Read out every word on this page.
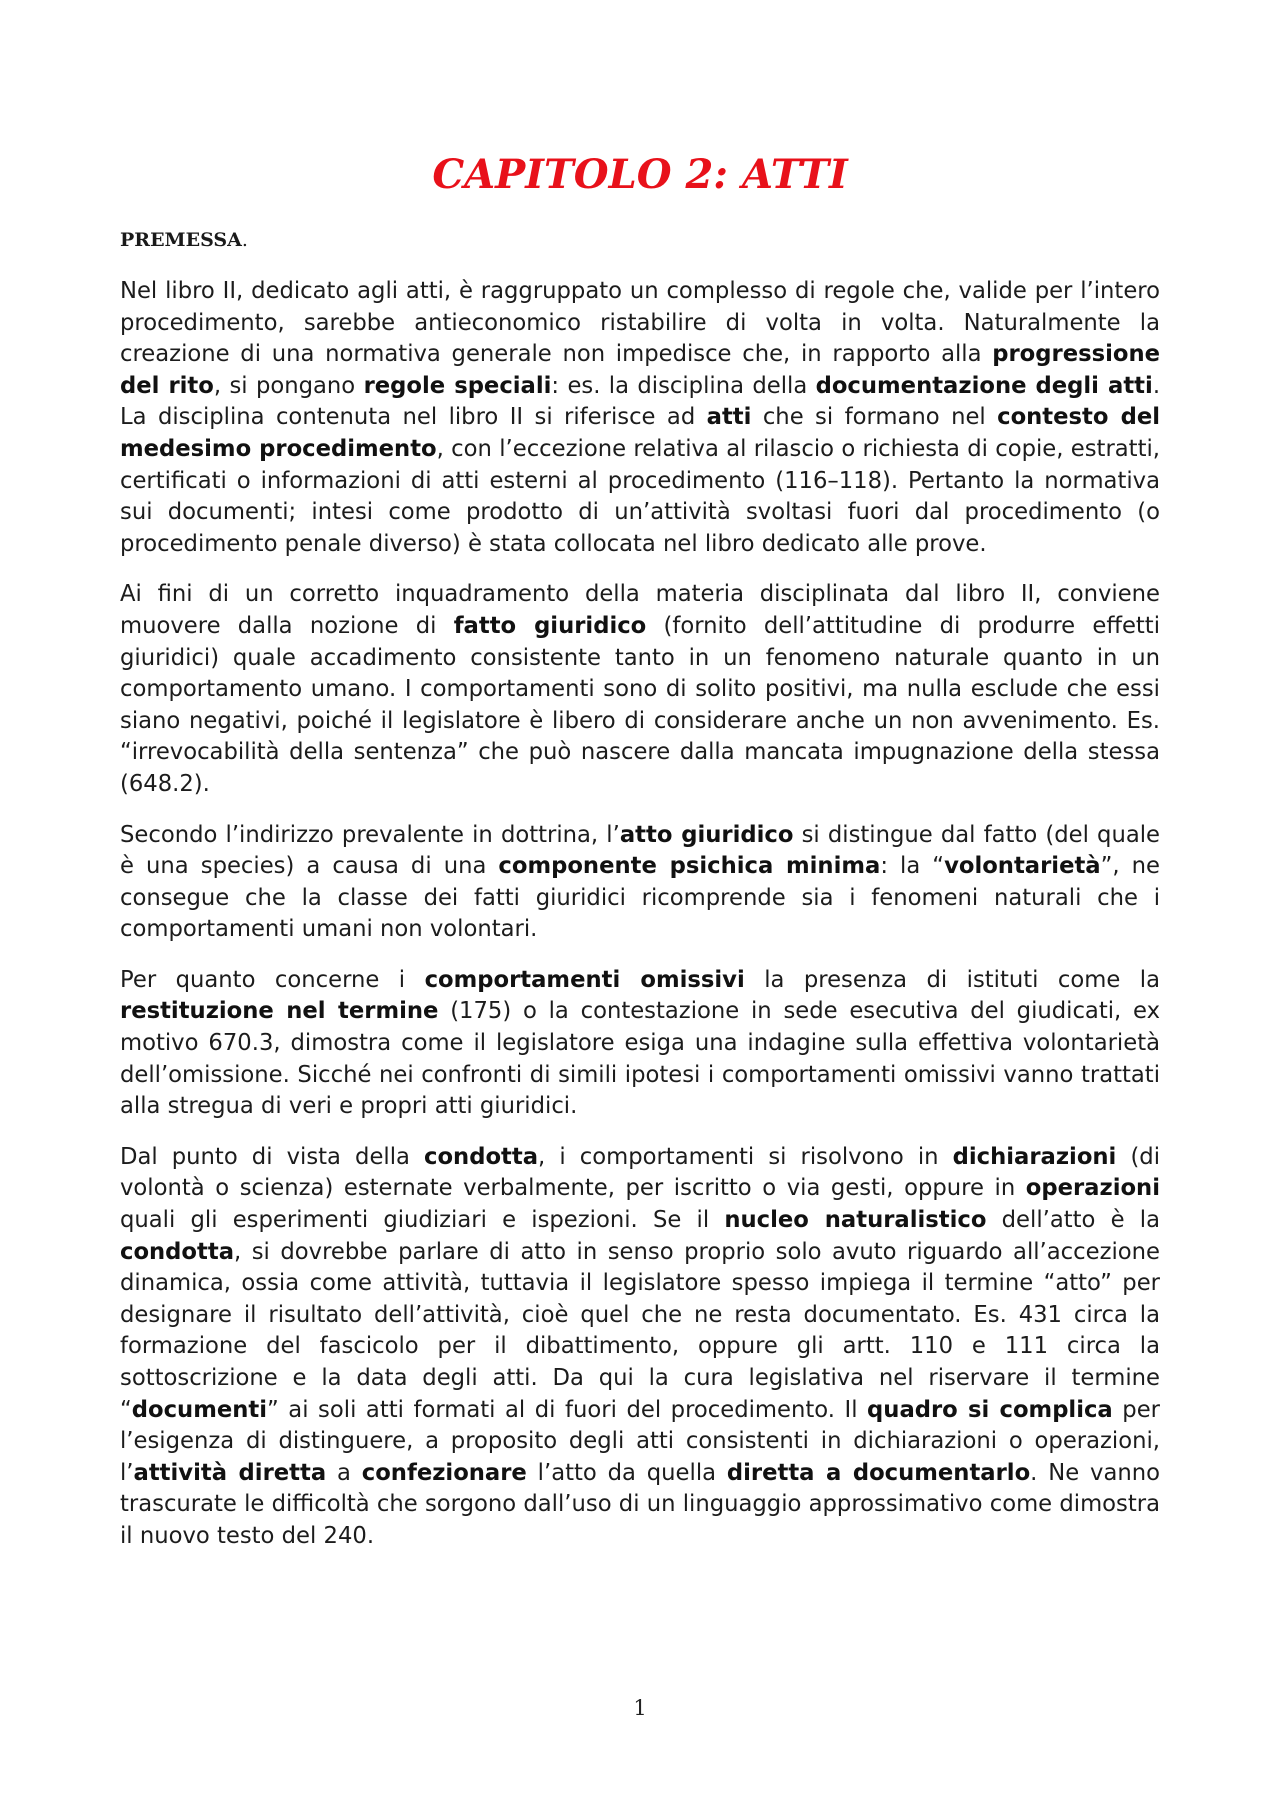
CAPITOLO 2: ATTI
PREMESSA.

Nel libro II, dedicato agli atti, è raggruppato un complesso di regole che, valide per l’intero procedimento, sarebbe antieconomico ristabilire di volta in volta. Naturalmente la creazione di una normativa generale non impedisce che, in rapporto alla progressione del rito, si pongano regole speciali: es. la disciplina della documentazione degli atti. La disciplina contenuta nel libro II si riferisce ad atti che si formano nel contesto del medesimo procedimento, con l’eccezione relativa al rilascio o richiesta di copie, estratti, certificati o informazioni di atti esterni al procedimento (116–118). Pertanto la normativa sui documenti; intesi come prodotto di un’attività svoltasi fuori dal procedimento (o procedimento penale diverso) è stata collocata nel libro dedicato alle prove.

Ai fini di un corretto inquadramento della materia disciplinata dal libro II, conviene muovere dalla nozione di fatto giuridico (fornito dell’attitudine di produrre effetti giuridici) quale accadimento consistente tanto in un fenomeno naturale quanto in un comportamento umano. I comportamenti sono di solito positivi, ma nulla esclude che essi siano negativi, poiché il legislatore è libero di considerare anche un non avvenimento. Es. “irrevocabilità della sentenza” che può nascere dalla mancata impugnazione della stessa (648.2).

Secondo l’indirizzo prevalente in dottrina, l’atto giuridico si distingue dal fatto (del quale è una species) a causa di una componente psichica minima: la “volontarietà”, ne consegue che la classe dei fatti giuridici ricomprende sia i fenomeni naturali che i comportamenti umani non volontari.

Per quanto concerne i comportamenti omissivi la presenza di istituti come la restituzione nel termine (175) o la contestazione in sede esecutiva del giudicati, ex motivo 670.3, dimostra come il legislatore esiga una indagine sulla effettiva volontarietà dell’omissione. Sicché nei confronti di simili ipotesi i comportamenti omissivi vanno trattati alla stregua di veri e propri atti giuridici.

Dal punto di vista della condotta, i comportamenti si risolvono in dichiarazioni (di volontà o scienza) esternate verbalmente, per iscritto o via gesti, oppure in operazioni quali gli esperimenti giudiziari e ispezioni. Se il nucleo naturalistico dell’atto è la condotta, si dovrebbe parlare di atto in senso proprio solo avuto riguardo all’accezione dinamica, ossia come attività, tuttavia il legislatore spesso impiega il termine “atto” per designare il risultato dell’attività, cioè quel che ne resta documentato. Es. 431 circa la formazione del fascicolo per il dibattimento, oppure gli artt. 110 e 111 circa la sottoscrizione e la data degli atti. Da qui la cura legislativa nel riservare il termine “documenti” ai soli atti formati al di fuori del procedimento. Il quadro si complica per l’esigenza di distinguere, a proposito degli atti consistenti in dichiarazioni o operazioni, l’attività diretta a confezionare l’atto da quella diretta a documentarlo. Ne vanno trascurate le difficoltà che sorgono dall’uso di un linguaggio approssimativo come dimostra il nuovo testo del 240.

1
